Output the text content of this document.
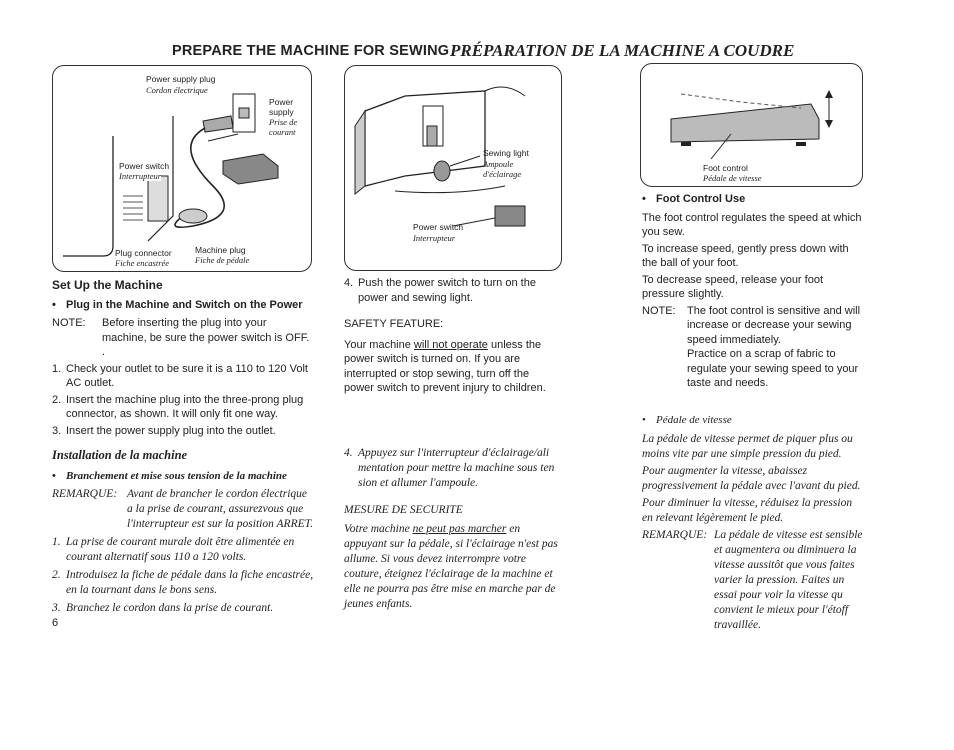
PREPARE THE MACHINE FOR SEWING PRÉPARATION DE LA MACHINE A COUDRE
Power supply plug
Cordon électrique
Power supply
Prise de courant
Power switch
Interrupteur
Plug connector
Fiche encastrée
Machine plug
Fiche de pédale
Sewing light
Ampoule d'éclairage
Power switch
Interrupteur
Foot control
Pédale de vitesse
Set Up the Machine
• Plug in the Machine and Switch on the Power
NOTE:	Before inserting the plug into your machine, be sure the power switch is OFF. .
1. Check your outlet to be sure it is a 110 to 120 Volt AC outlet.
2. Insert the machine plug into the three-prong plug connector, as shown. It will only fit one way.
3. Insert the power supply plug into the outlet.
Installation de la machine
• Branchement et mise sous tension de la machine
REMARQUE: Avant de brancher le cordon électrique a la prise de courant, assurezvous que l'interrupteur est sur la position ARRET.
1. La prise de courant murale doit être alimentée en courant alternatif sous 110 a 120 volts.
2. Introduisez la fiche de pédale dans la fiche encastrée, en la tournant dans le bons sens.
3. Branchez le cordon dans la prise de courant.
6
4. Push the power switch to turn on the power and sewing light.
SAFETY FEATURE:

Your machine will not operate unless the power switch is turned on. If you are interrupted or stop sewing, turn off the power switch to prevent injury to children.

4. Appuyez sur l'interrupteur d'éclairage/ali mentation pour mettre la machine sous ten sion et allumer l'ampoule.
MESURE DE SECURITE

Votre machine ne peut pas marcher en appuyant sur la pédale, si l'éclairage n'est pas allume. Si vous devez interrompre votre couture, éteignez l'éclairage de la machine et elle ne pourra pas être mise en marche par de jeunes enfants.

• Foot Control Use

The foot control regulates the speed at which you sew.

To increase speed, gently press down with the ball of your foot.

To decrease speed, release your foot pressure slightly.

NOTE:	The foot control is sensitive and will increase or decrease your sewing speed immediately.
Practice on a scrap of fabric to regulate your sewing speed to your taste and needs.
• Pédale de vitesse

La pédale de vitesse permet de piquer plus ou moins vite par une simple pression du pied.

Pour augmenter la vitesse, abaissez progressivement la pédale avec l'avant du pied.

Pour diminuer la vitesse, réduisez la pression en relevant légèrement le pied.

REMARQUE: La pédale de vitesse est sensible et augmentera ou diminuera la vitesse aussitôt que vous faites varier la pression. Faites un essai pour voir la vitesse qu convient le mieux pour l'étoff travaillée.
